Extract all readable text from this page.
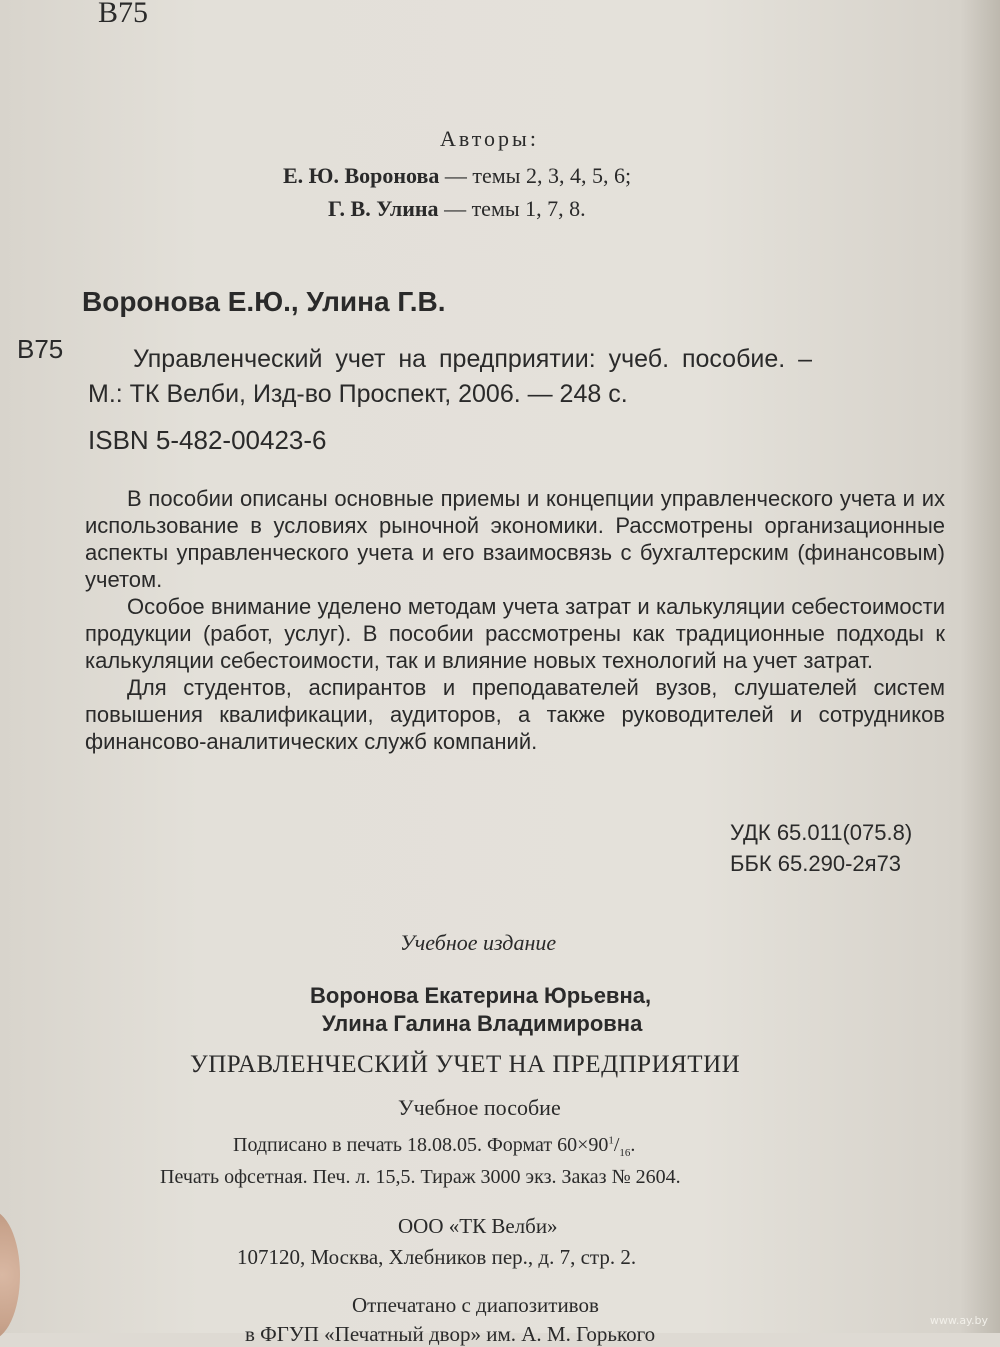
В75
Авторы:
Е. Ю. Воронова — темы 2, 3, 4, 5, 6;
Г. В. Улина — темы 1, 7, 8.
Воронова Е.Ю., Улина Г.В.
В75	Управленческий учет на предприятии: учеб. пособие. –
М.: ТК Велби, Изд-во Проспект, 2006. — 248 с.
ISBN 5-482-00423-6

В пособии описаны основные приемы и концепции управленческого учета и их использование в условиях рыночной экономики. Рассмотрены организационные аспекты управленческого учета и его взаимосвязь с бухгалтерским (финансовым) учетом.

Особое внимание уделено методам учета затрат и калькуляции себестоимости продукции (работ, услуг). В пособии рассмотрены как традиционные подходы к калькуляции себестоимости, так и влияние новых технологий на учет затрат.

Для студентов, аспирантов и преподавателей вузов, слушателей систем повышения квалификации, аудиторов, а также руководителей и сотрудников финансово-аналитических служб компаний.

УДК 65.011(075.8)
ББК 65.290-2я73
Учебное издание
Воронова Екатерина Юрьевна,
Улина Галина Владимировна
УПРАВЛЕНЧЕСКИЙ УЧЕТ НА ПРЕДПРИЯТИИ
Учебное пособие
Подписано в печать 18.08.05. Формат $60\times 90^1/_{16}$.
Печать офсетная. Печ. л. 15,5. Тираж 3000 экз. Заказ № 2604.
ООО «ТК Велби»
107120, Москва, Хлебников пер., д. 7, стр. 2.
Отпечатано с диапозитивов
в ФГУП «Печатный двор» им. А. М. Горького
www.ay.by
